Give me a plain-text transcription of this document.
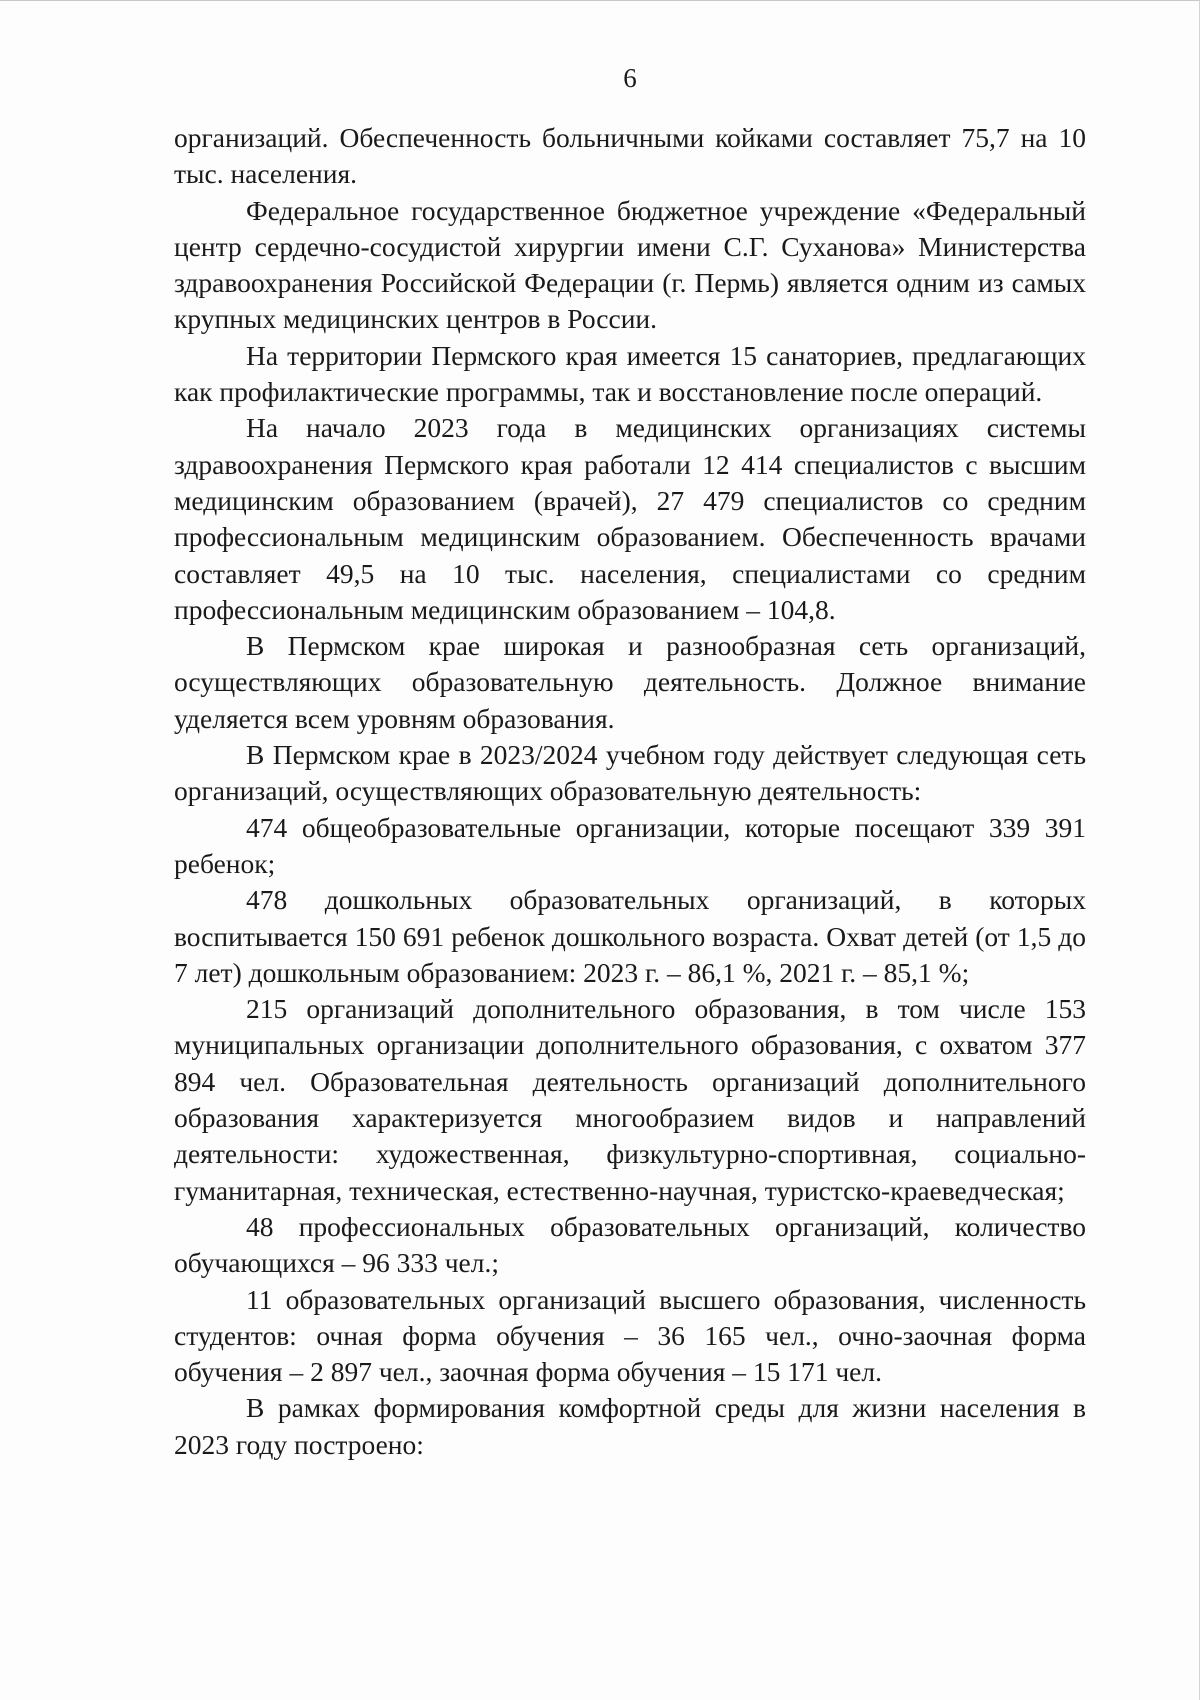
6

организаций. Обеспеченность больничными койками составляет 75,7 на 10 тыс. населения.

Федеральное государственное бюджетное учреждение «Федеральный центр сердечно-сосудистой хирургии имени С.Г. Суханова» Министерства здравоохранения Российской Федерации (г. Пермь) является одним из самых крупных медицинских центров в России.

На территории Пермского края имеется 15 санаториев, предлагающих как профилактические программы, так и восстановление после операций.

На начало 2023 года в медицинских организациях системы здравоохранения Пермского края работали 12 414 специалистов с высшим медицинским образованием (врачей), 27 479 специалистов со средним профессиональным медицинским образованием. Обеспеченность врачами составляет 49,5 на 10 тыс. населения, специалистами со средним профессиональным медицинским образованием – 104,8.

В Пермском крае широкая и разнообразная сеть организаций, осуществляющих образовательную деятельность. Должное внимание уделяется всем уровням образования.

В Пермском крае в 2023/2024 учебном году действует следующая сеть организаций, осуществляющих образовательную деятельность:

474 общеобразовательные организации, которые посещают 339 391 ребенок;

478 дошкольных образовательных организаций, в которых воспитывается 150 691 ребенок дошкольного возраста. Охват детей (от 1,5 до 7 лет) дошкольным образованием: 2023 г. – 86,1 %, 2021 г. – 85,1 %;

215 организаций дополнительного образования, в том числе 153 муниципальных организации дополнительного образования, с охватом 377 894 чел. Образовательная деятельность организаций дополнительного образования характеризуется многообразием видов и направлений деятельности: художественная, физкультурно-спортивная, социально-гуманитарная, техническая, естественно-научная, туристско-краеведческая;

48 профессиональных образовательных организаций, количество обучающихся – 96 333 чел.;

11 образовательных организаций высшего образования, численность студентов: очная форма обучения – 36 165 чел., очно-заочная форма обучения – 2 897 чел., заочная форма обучения – 15 171 чел.

В рамках формирования комфортной среды для жизни населения в 2023 году построено:
